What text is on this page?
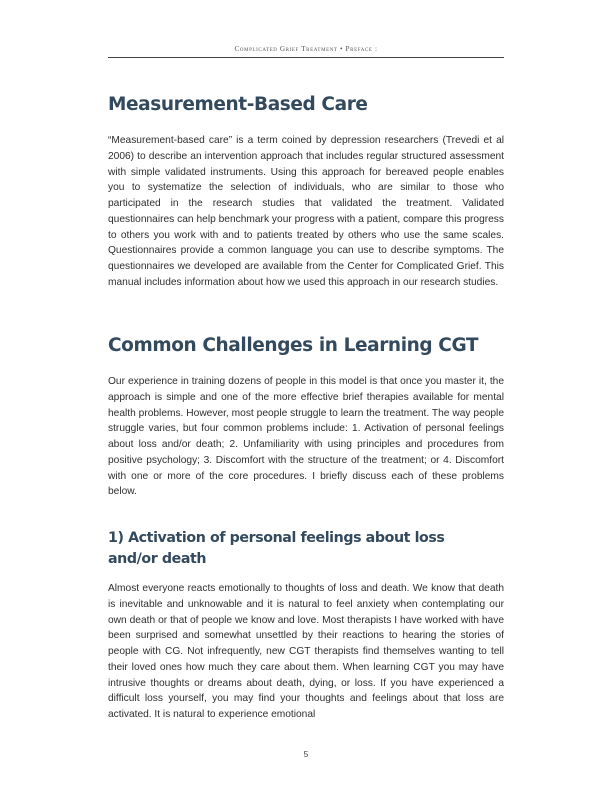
Complicated Grief Treatment • Preface :
Measurement-Based Care

“Measurement-based care” is a term coined by depression researchers (Trevedi et al 2006) to describe an intervention approach that includes regular structured assessment with simple validated instruments. Using this approach for bereaved people enables you to systematize the selection of individuals, who are similar to those who participated in the research studies that validated the treatment. Validated questionnaires can help benchmark your progress with a patient, compare this progress to others you work with and to patients treated by others who use the same scales. Questionnaires provide a common language you can use to describe symptoms. The questionnaires we developed are available from the Center for Complicated Grief. This manual includes information about how we used this approach in our research studies.

Common Challenges in Learning CGT

Our experience in training dozens of people in this model is that once you master it, the approach is simple and one of the more effective brief therapies available for mental health problems. However, most people struggle to learn the treatment. The way people struggle varies, but four common problems include: 1. Activation of personal feelings about loss and/or death; 2. Unfamiliarity with using principles and procedures from positive psychology; 3. Discomfort with the structure of the treatment; or 4. Discomfort with one or more of the core procedures. I briefly discuss each of these problems below.

1) Activation of personal feelings about loss and/or death

Almost everyone reacts emotionally to thoughts of loss and death. We know that death is inevitable and unknowable and it is natural to feel anxiety when contemplating our own death or that of people we know and love. Most therapists I have worked with have been surprised and somewhat unsettled by their reactions to hearing the stories of people with CG. Not infrequently, new CGT therapists find themselves wanting to tell their loved ones how much they care about them. When learning CGT you may have intrusive thoughts or dreams about death, dying, or loss. If you have experienced a difficult loss yourself, you may find your thoughts and feelings about that loss are activated. It is natural to experience emotional

5
